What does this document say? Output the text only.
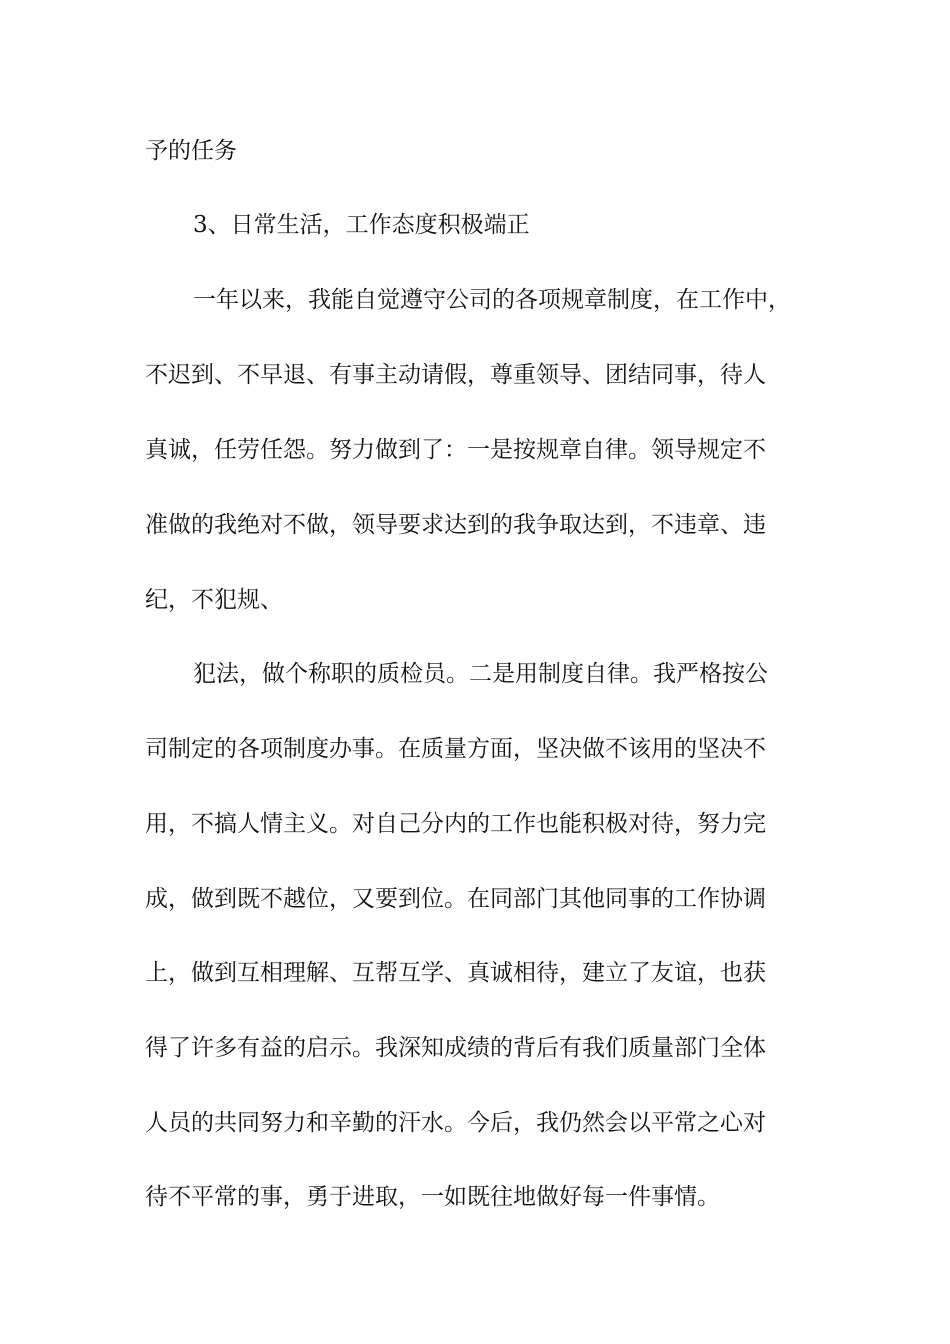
予的任务
3、日常生活，工作态度积极端正
一年以来，我能自觉遵守公司的各项规章制度，在工作中，
不迟到、不早退、有事主动请假，尊重领导、团结同事，待人
真诚，任劳任怨。努力做到了：一是按规章自律。领导规定不
准做的我绝对不做，领导要求达到的我争取达到，不违章、违
纪，不犯规、
犯法，做个称职的质检员。二是用制度自律。我严格按公
司制定的各项制度办事。在质量方面，坚决做不该用的坚决不
用，不搞人情主义。对自己分内的工作也能积极对待，努力完
成，做到既不越位，又要到位。在同部门其他同事的工作协调
上，做到互相理解、互帮互学、真诚相待，建立了友谊，也获
得了许多有益的启示。我深知成绩的背后有我们质量部门全体
人员的共同努力和辛勤的汗水。今后，我仍然会以平常之心对
待不平常的事，勇于进取，一如既往地做好每一件事情。
